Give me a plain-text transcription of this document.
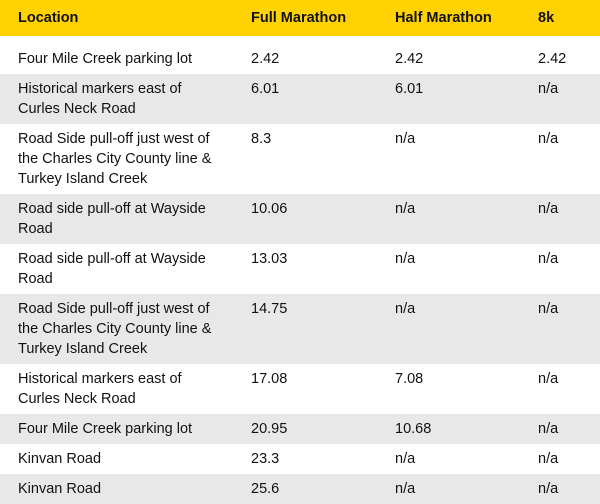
Location	Full Marathon	Half Marathon	8k

Four Mile Creek parking lot	2.42	2.42	2.42
Historical markers east of Curles Neck Road	6.01	6.01	n/a
Road Side pull-off just west of the Charles City County line & Turkey Island Creek	8.3	n/a	n/a
Road side pull-off at Wayside Road	10.06	n/a	n/a
Road side pull-off at Wayside Road	13.03	n/a	n/a
Road Side pull-off just west of the Charles City County line & Turkey Island Creek	14.75	n/a	n/a
Historical markers east of Curles Neck Road	17.08	7.08	n/a
Four Mile Creek parking lot	20.95	10.68	n/a
Kinvan Road	23.3	n/a	n/a
Kinvan Road	25.6	n/a	n/a
